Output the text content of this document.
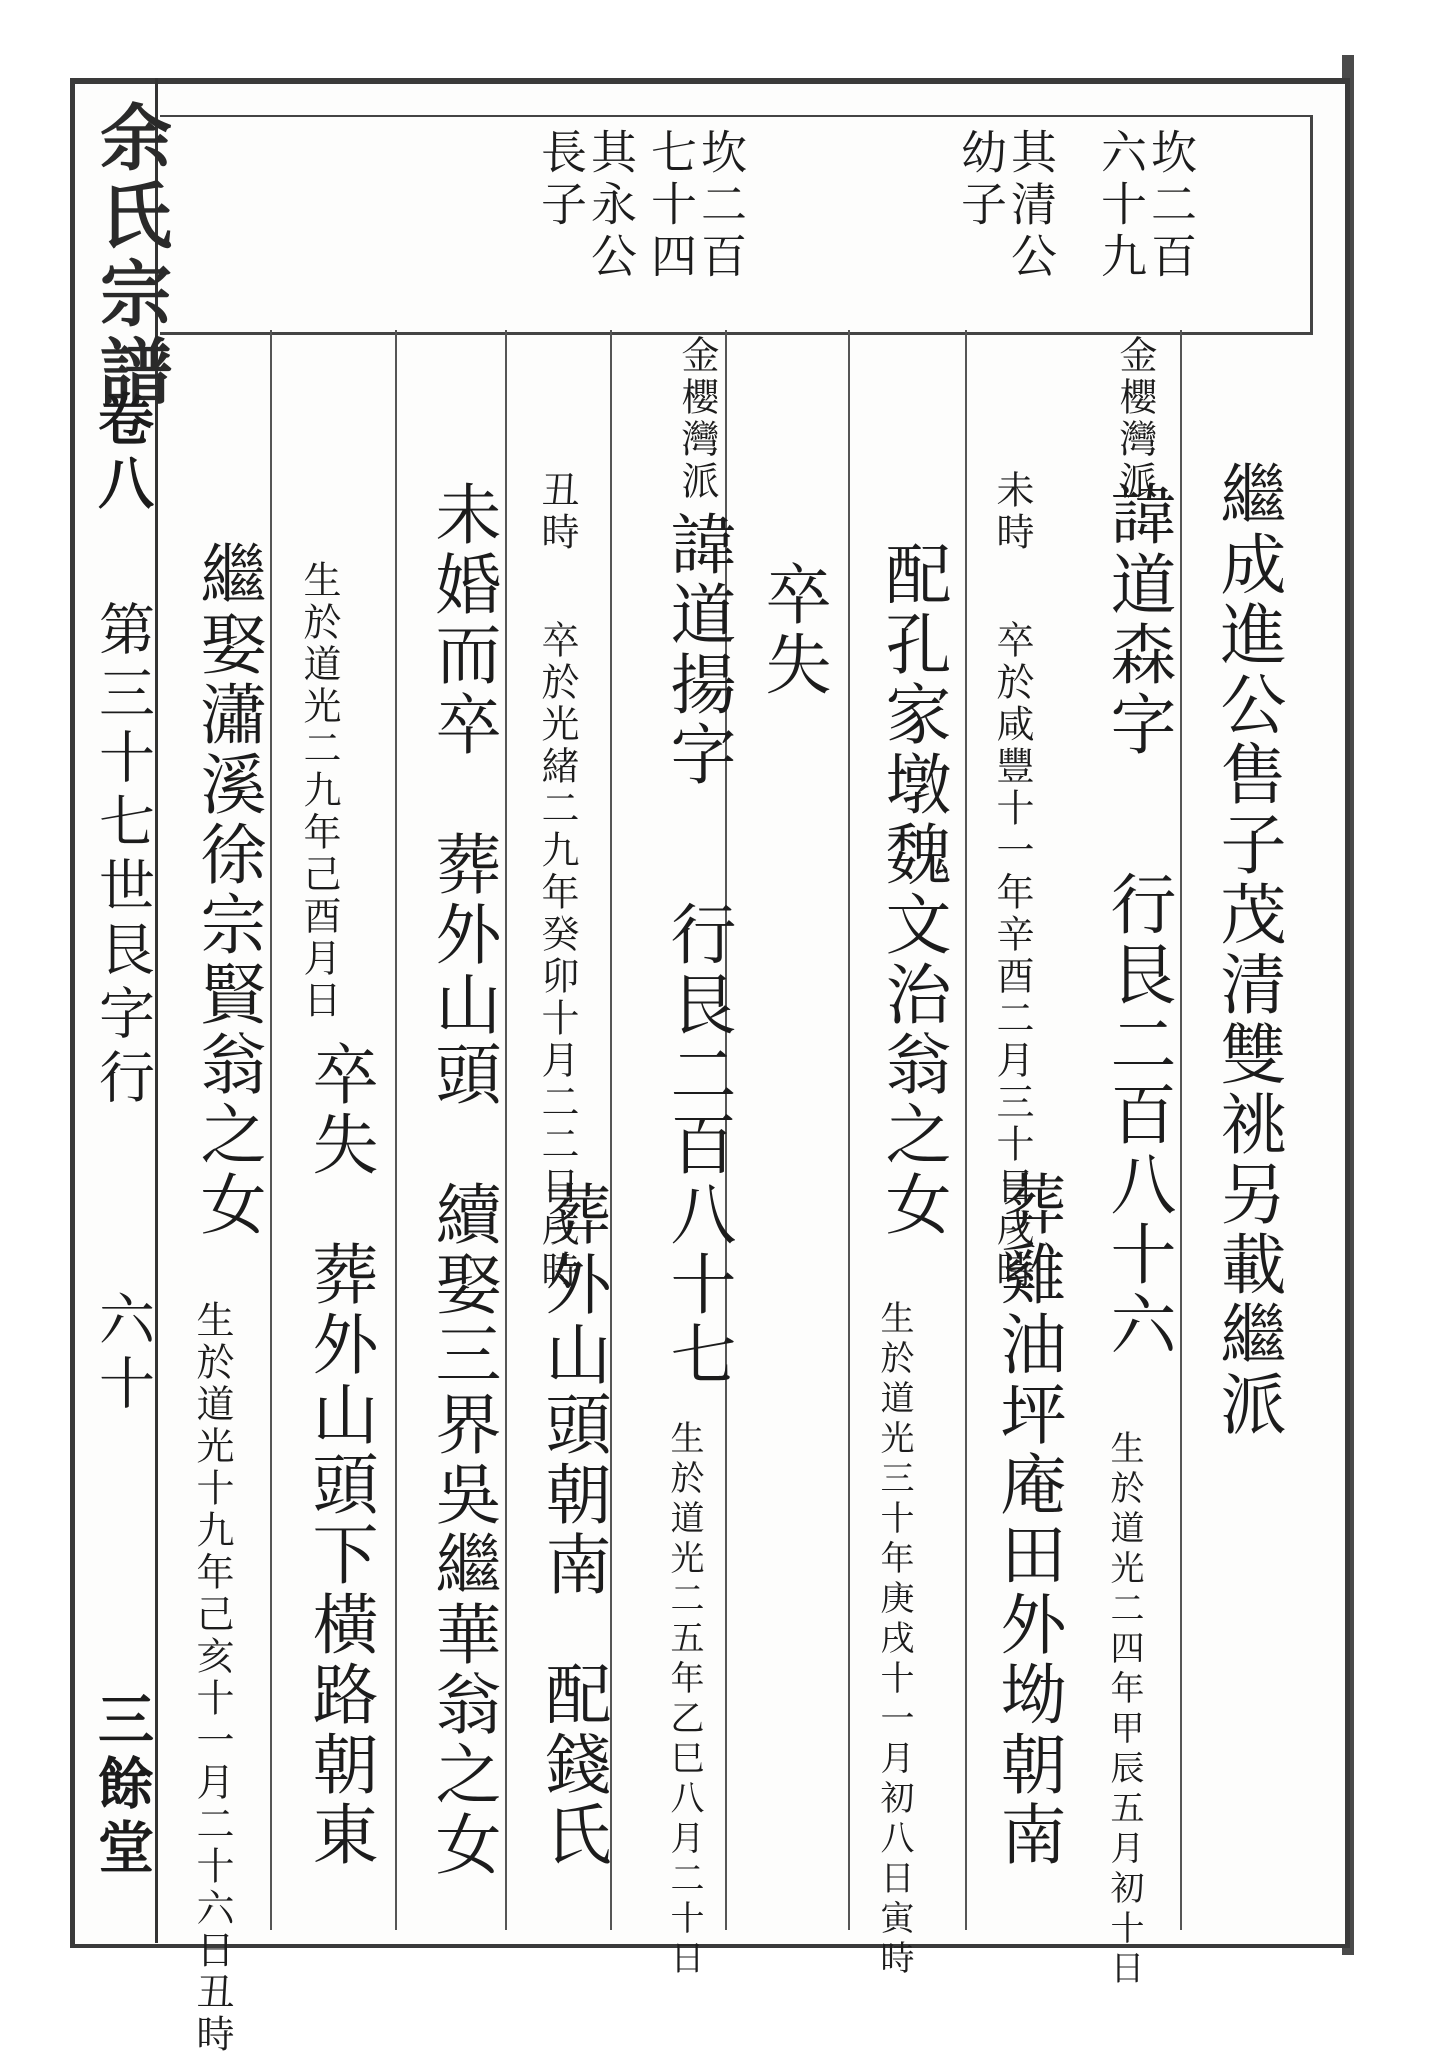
余氏宗譜
卷八
第三十七世艮字行
六十
三餘堂
坎二百
六十九
其清公
幼子
坎二百
七十四
其永公
長子
繼成進公售子茂清雙祧另載繼派
金櫻灣派
諱道森字
行艮二百八十六
生於道光二四年甲辰五月初十日
未時
卒於咸豐十一年辛酉二月三十日戌時
葬雞油坪庵田外坳朝南
配孔家墩魏文治翁之女
生於道光三十年庚戌十一月初八日寅時
金櫻灣派
諱道揚字
行艮二百八十七
生於道光二五年乙巳八月二十日
卒失
丑時
卒於光緒二九年癸卯十月二二日戌時
葬外山頭朝南
配錢氏
未婚而卒
葬外山頭
續娶三界吳繼華翁之女
生於道光二九年己酉月日
卒失
葬外山頭下橫路朝東
繼娶瀟溪徐宗賢翁之女
生於道光十九年己亥十一月二十六日丑時
